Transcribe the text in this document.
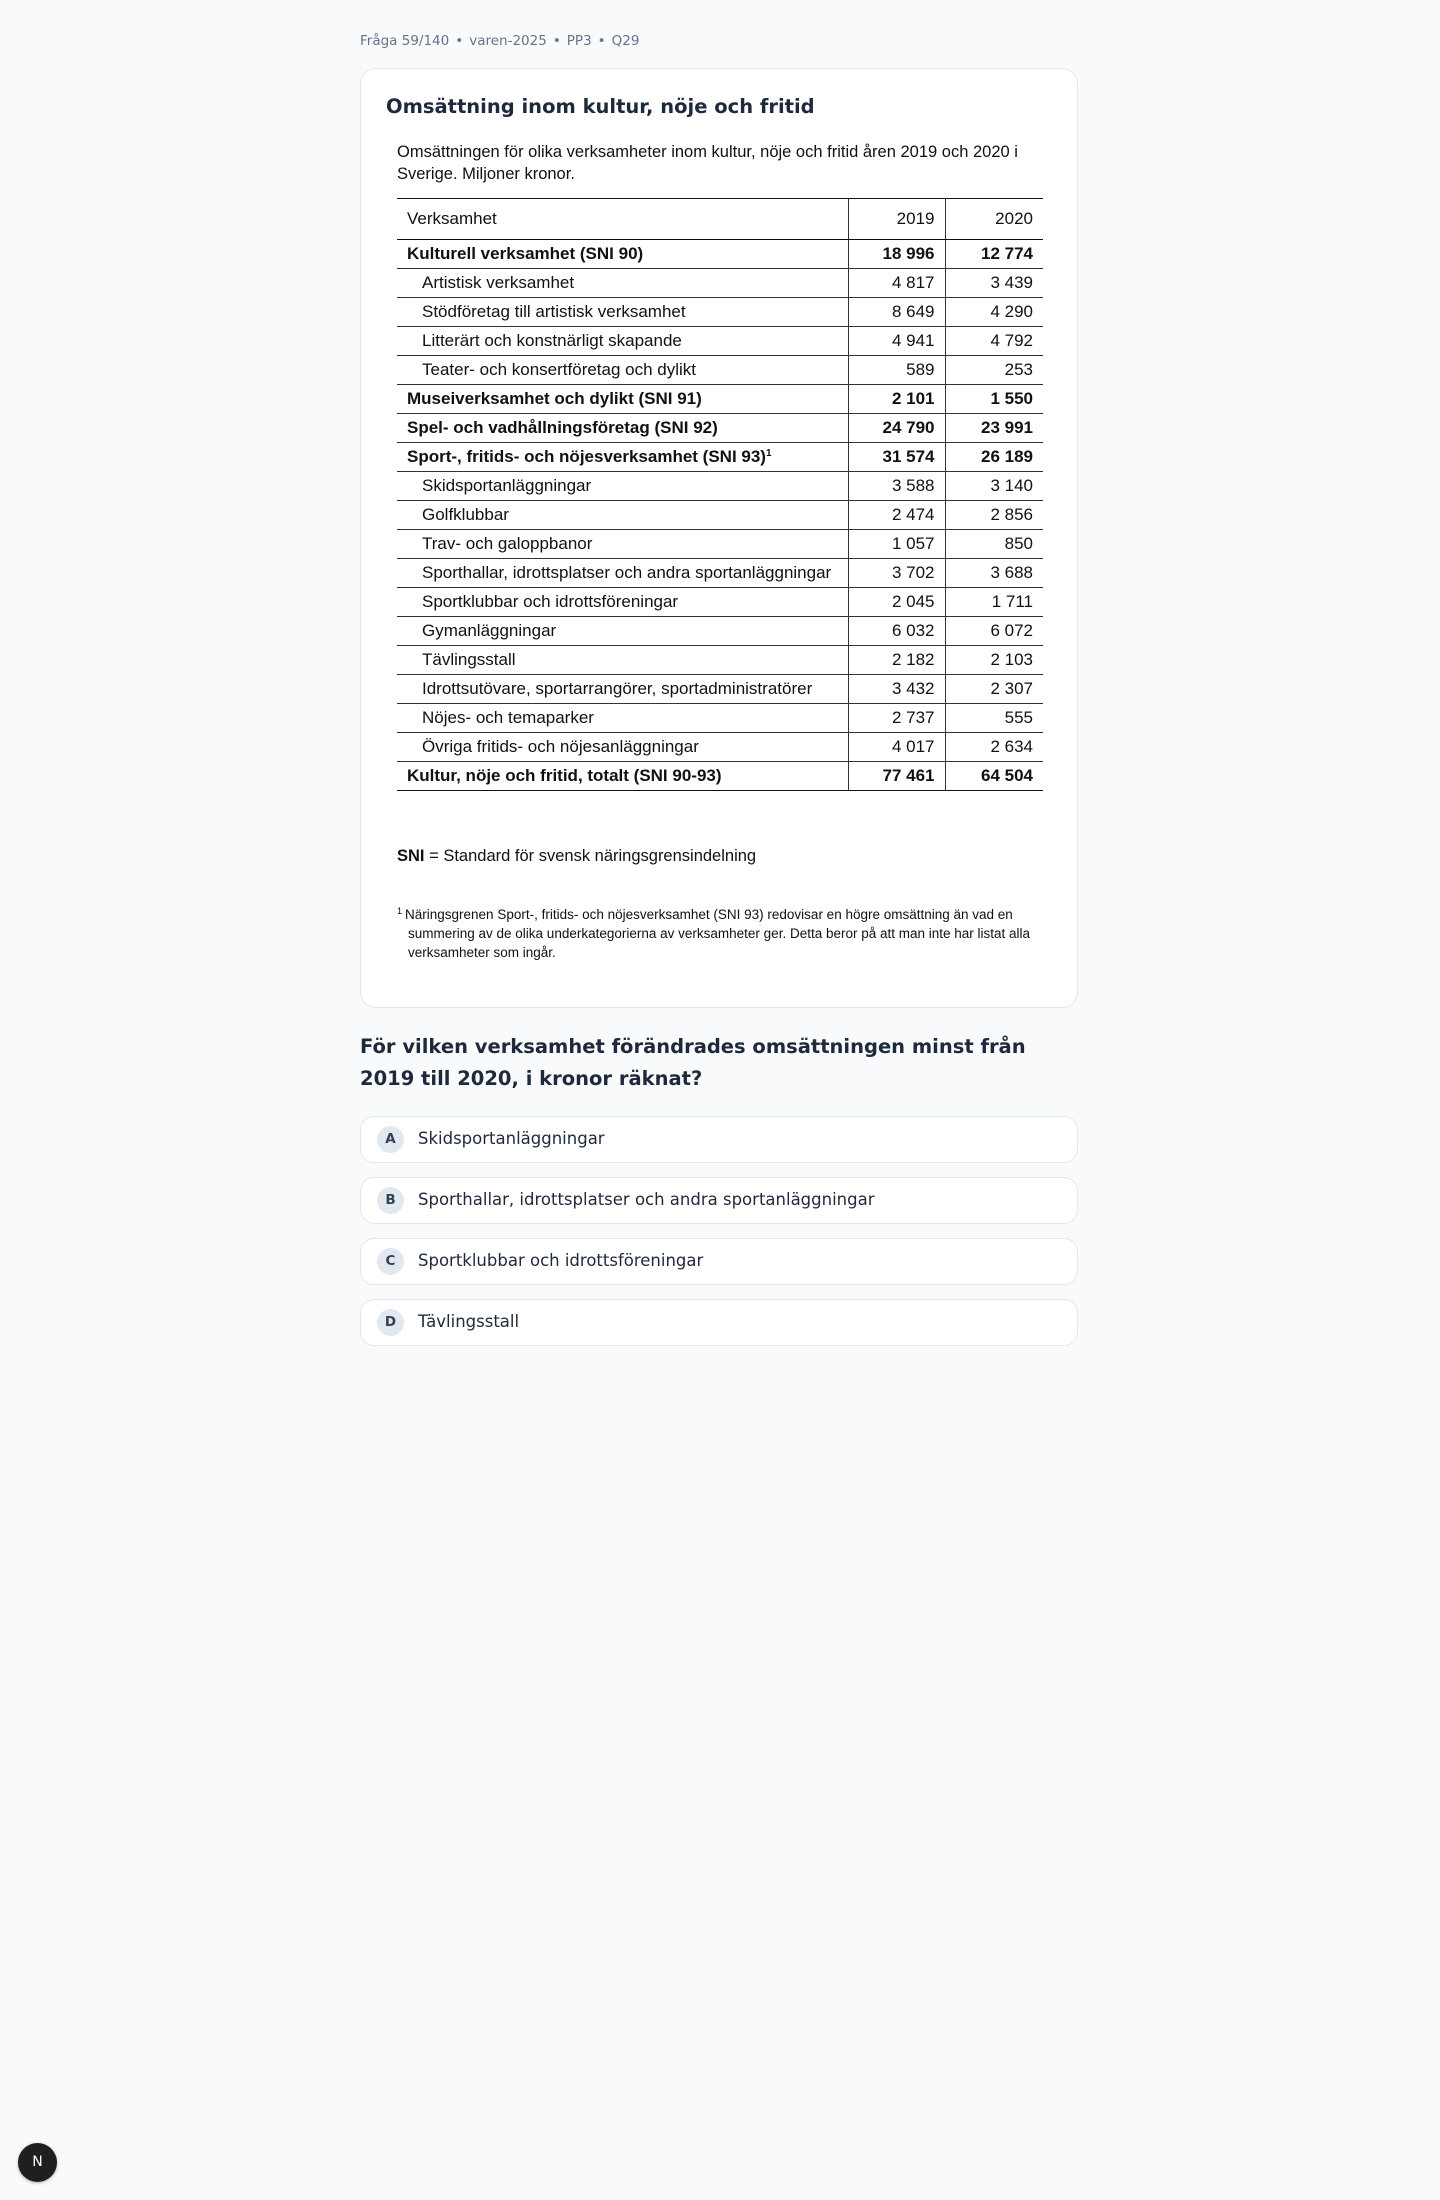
Fråga 59/140 • varen-2025 • PP3 • Q29
Omsättning inom kultur, nöje och fritid

Omsättningen för olika verksamheter inom kultur, nöje och fritid åren 2019 och 2020 i Sverige. Miljoner kronor.

Verksamhet	2019	2020
Kulturell verksamhet (SNI 90)	18 996	12 774
Artistisk verksamhet	4 817	3 439
Stödföretag till artistisk verksamhet	8 649	4 290
Litterärt och konstnärligt skapande	4 941	4 792
Teater- och konsertföretag och dylikt	589	253
Museiverksamhet och dylikt (SNI 91)	2 101	1 550
Spel- och vadhållningsföretag (SNI 92)	24 790	23 991
Sport-, fritids- och nöjesverksamhet (SNI 93)$^1$	31 574	26 189
Skidsportanläggningar	3 588	3 140
Golfklubbar	2 474	2 856
Trav- och galoppbanor	1 057	850
Sporthallar, idrottsplatser och andra sportanläggningar	3 702	3 688
Sportklubbar och idrottsföreningar	2 045	1 711
Gymanläggningar	6 032	6 072
Tävlingsstall	2 182	2 103
Idrottsutövare, sportarrangörer, sportadministratörer	3 432	2 307
Nöjes- och temaparker	2 737	555
Övriga fritids- och nöjesanläggningar	4 017	2 634
Kultur, nöje och fritid, totalt (SNI 90-93)	77 461	64 504

SNI = Standard för svensk näringsgrensindelning

$^1$ Näringsgrenen Sport-, fritids- och nöjesverksamhet (SNI 93) redovisar en högre omsättning än vad en summering av de olika underkategorierna av verksamheter ger. Detta beror på att man inte har listat alla verksamheter som ingår.

För vilken verksamhet förändrades omsättningen minst från 2019 till 2020, i kronor räknat?

A	Skidsportanläggningar
B	Sporthallar, idrottsplatser och andra sportanläggningar
C	Sportklubbar och idrottsföreningar
D	Tävlingsstall
N
